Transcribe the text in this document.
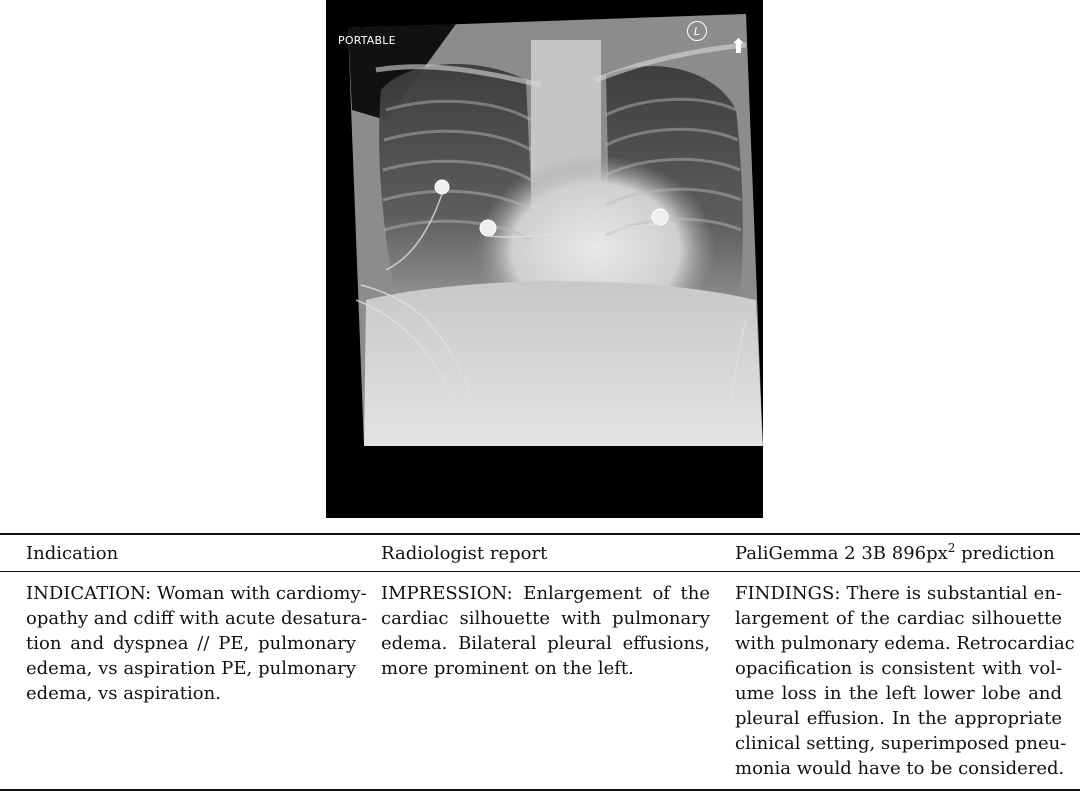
PORTABLE
L
⬆
Indication	Radiologist report	PaliGemma 2 3B $896px^2$ prediction
INDICATION: Woman with cardiomy-
opathy and cdiff with acute desatura-
tion and dyspnea // PE, pulmonary
edema, vs aspiration PE, pulmonary
edema, vs aspiration.
IMPRESSION: Enlargement of the
cardiac silhouette with pulmonary
edema. Bilateral pleural effusions,
more prominent on the left.
FINDINGS: There is substantial en-
largement of the cardiac silhouette
with pulmonary edema. Retrocardiac
opacification is consistent with vol-
ume loss in the left lower lobe and
pleural effusion. In the appropriate
clinical setting, superimposed pneu-
monia would have to be considered.
